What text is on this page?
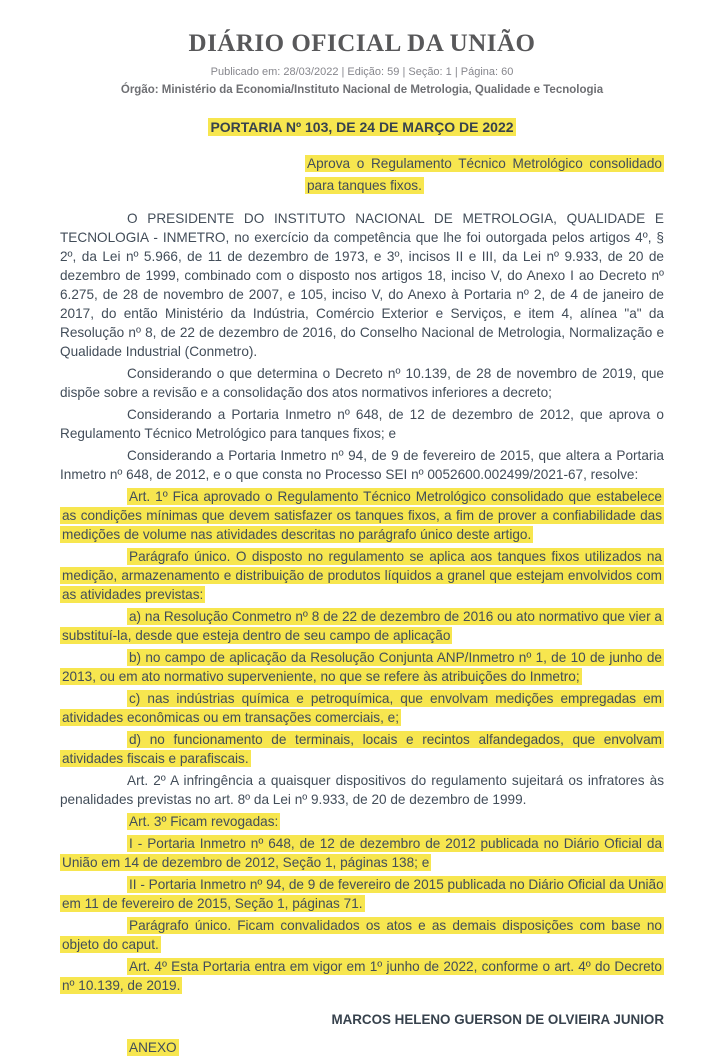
DIÁRIO OFICIAL DA UNIÃO
Publicado em: 28/03/2022 | Edição: 59 | Seção: 1 | Página: 60
Órgão: Ministério da Economia/Instituto Nacional de Metrologia, Qualidade e Tecnologia
PORTARIA Nº 103, DE 24 DE MARÇO DE 2022

Aprova o Regulamento Técnico Metrológico consolidado para tanques fixos.

O PRESIDENTE DO INSTITUTO NACIONAL DE METROLOGIA, QUALIDADE E TECNOLOGIA - INMETRO, no exercício da competência que lhe foi outorgada pelos artigos 4º, § 2º, da Lei nº 5.966, de 11 de dezembro de 1973, e 3º, incisos II e III, da Lei nº 9.933, de 20 de dezembro de 1999, combinado com o disposto nos artigos 18, inciso V, do Anexo I ao Decreto nº 6.275, de 28 de novembro de 2007, e 105, inciso V, do Anexo à Portaria nº 2, de 4 de janeiro de 2017, do então Ministério da Indústria, Comércio Exterior e Serviços, e item 4, alínea "a" da Resolução nº 8, de 22 de dezembro de 2016, do Conselho Nacional de Metrologia, Normalização e Qualidade Industrial (Conmetro).

Considerando o que determina o Decreto nº 10.139, de 28 de novembro de 2019, que dispõe sobre a revisão e a consolidação dos atos normativos inferiores a decreto;

Considerando a Portaria Inmetro nº 648, de 12 de dezembro de 2012, que aprova o Regulamento Técnico Metrológico para tanques fixos; e

Considerando a Portaria Inmetro nº 94, de 9 de fevereiro de 2015, que altera a Portaria Inmetro nº 648, de 2012, e o que consta no Processo SEI nº 0052600.002499/2021-67, resolve:

Art. 1º Fica aprovado o Regulamento Técnico Metrológico consolidado que estabelece as condições mínimas que devem satisfazer os tanques fixos, a fim de prover a confiabilidade das medições de volume nas atividades descritas no parágrafo único deste artigo.

Parágrafo único. O disposto no regulamento se aplica aos tanques fixos utilizados na medição, armazenamento e distribuição de produtos líquidos a granel que estejam envolvidos com as atividades previstas:

a) na Resolução Conmetro nº 8 de 22 de dezembro de 2016 ou ato normativo que vier a substituí-la, desde que esteja dentro de seu campo de aplicação

b) no campo de aplicação da Resolução Conjunta ANP/Inmetro nº 1, de 10 de junho de 2013, ou em ato normativo superveniente, no que se refere às atribuições do Inmetro;

c) nas indústrias química e petroquímica, que envolvam medições empregadas em atividades econômicas ou em transações comerciais, e;

d) no funcionamento de terminais, locais e recintos alfandegados, que envolvam atividades fiscais e parafiscais.

Art. 2º A infringência a quaisquer dispositivos do regulamento sujeitará os infratores às penalidades previstas no art. 8º da Lei nº 9.933, de 20 de dezembro de 1999.

Art. 3º Ficam revogadas:

I - Portaria Inmetro nº 648, de 12 de dezembro de 2012 publicada no Diário Oficial da União em 14 de dezembro de 2012, Seção 1, páginas 138; e

II - Portaria Inmetro nº 94, de 9 de fevereiro de 2015 publicada no Diário Oficial da União em 11 de fevereiro de 2015, Seção 1, páginas 71.

Parágrafo único. Ficam convalidados os atos e as demais disposições com base no objeto do caput.

Art. 4º Esta Portaria entra em vigor em 1º junho de 2022, conforme o art. 4º do Decreto nº 10.139, de 2019.

MARCOS HELENO GUERSON DE OLVIEIRA JUNIOR

ANEXO
